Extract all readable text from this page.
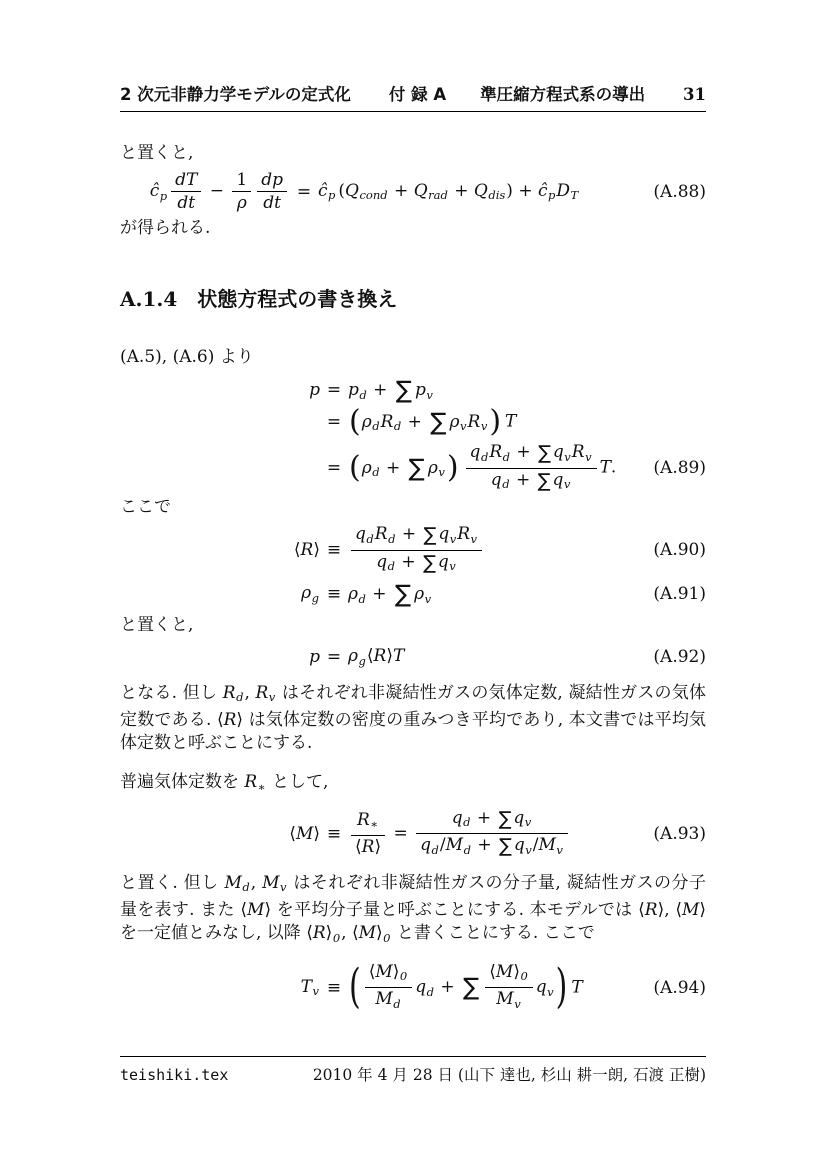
2 次元非静力学モデルの定式化 付 録 A 準圧縮方程式系の導出 31
と置くと,
$ĉ_p \frac{dT}{dt} - \frac{1}{\rho} \frac{dp}{dt}$ = $ĉ_p$ $(Q_{cond} + Q_{rad} + Q_{dis})$ + $ĉ_pD_T$	(A.88)
が得られる.
A.1.4 状態方程式の書き換え
(A.5), (A.6) より
$p = p_d$ + ∑ $p_v$
= ($\rho_dR_d$ + ∑ $\rho_vR_v$) T
= ($\rho_d$ + ∑ $\rho_v$) $q_dR_d$ + ∑ $q_vR_v$
$q_d$ + ∑ $q_v$
T.	(A.89)
ここで
⟨R⟩ ≡
$q_dR_d$ + ∑ $q_vR_v$
$q_d$ + ∑ $q_v$
(A.90)
$\rho_g \equiv \rho_d$ + ∑ $\rho_v$	(A.91)
と置くと,
$p = \rho_g⟨R⟩T$	(A.92)

となる. 但し $R_d$, $R_v$ はそれぞれ非凝結性ガスの気体定数, 凝結性ガスの気体定数である. ⟨R⟩ は気体定数の密度の重みつき平均であり, 本文書では平均気体定数と呼ぶことにする.

普遍気体定数を $R_∗$ として,
⟨M⟩ ≡ $\frac{R_∗}{⟨R⟩} = \frac{q_d + \sum q_v}{q_d/M_d + \sum q_v/M_v}$	(A.93)

と置く. 但し $M_d$, $M_v$ はそれぞれ非凝結性ガスの分子量, 凝結性ガスの分子量を表す. また ⟨M⟩ を平均分子量と呼ぶことにする. 本モデルでは ⟨R⟩, ⟨M⟩ を一定値とみなし, 以降 $⟨R⟩_0$, $⟨M⟩_0$ と書くことにする. ここで

$T_v$ ≡ ( $\frac{⟨M⟩_0}{M_d} q_d$ + ∑ $\frac{⟨M⟩_0}{M_v} q_v$) T	(A.94)
teishiki.tex	2010 年 4 月 28 日 (山下 達也, 杉山 耕一朗, 石渡 正樹)
